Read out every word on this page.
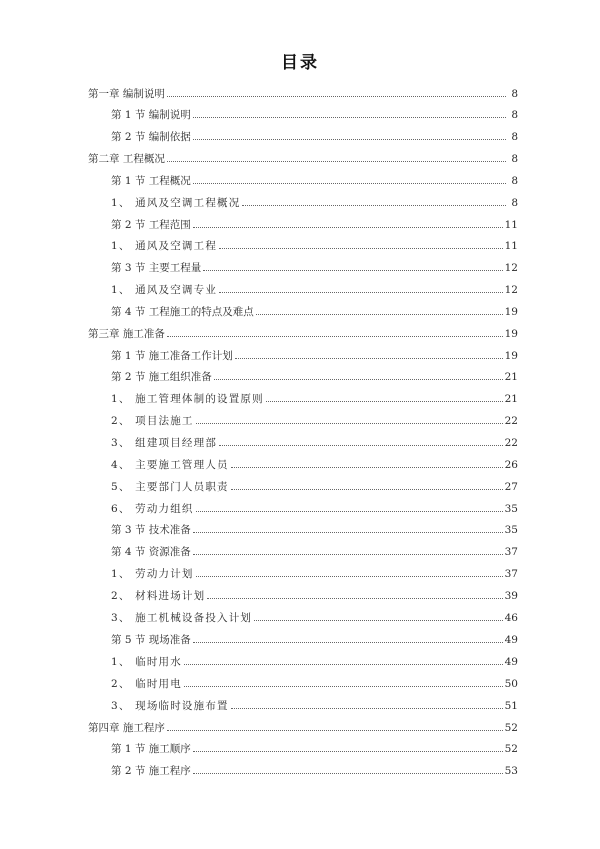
目录
第一章 编制说明	8
第 1 节 编制说明	8
第 2 节 编制依据	8
第二章 工程概况	8
第 1 节 工程概况	8
1、 通风及空调工程概况	8
第 2 节 工程范围	11
1、 通风及空调工程	11
第 3 节 主要工程量	12
1、 通风及空调专业	12
第 4 节 工程施工的特点及难点	19
第三章 施工准备	19
第 1 节 施工准备工作计划	19
第 2 节 施工组织准备	21
1、 施工管理体制的设置原则	21
2、 项目法施工	22
3、 组建项目经理部	22
4、 主要施工管理人员	26
5、 主要部门人员职责	27
6、 劳动力组织	35
第 3 节 技术准备	35
第 4 节 资源准备	37
1、 劳动力计划	37
2、 材料进场计划	39
3、 施工机械设备投入计划	46
第 5 节 现场准备	49
1、 临时用水	49
2、 临时用电	50
3、 现场临时设施布置	51
第四章 施工程序	52
第 1 节 施工顺序	52
第 2 节 施工程序	53
